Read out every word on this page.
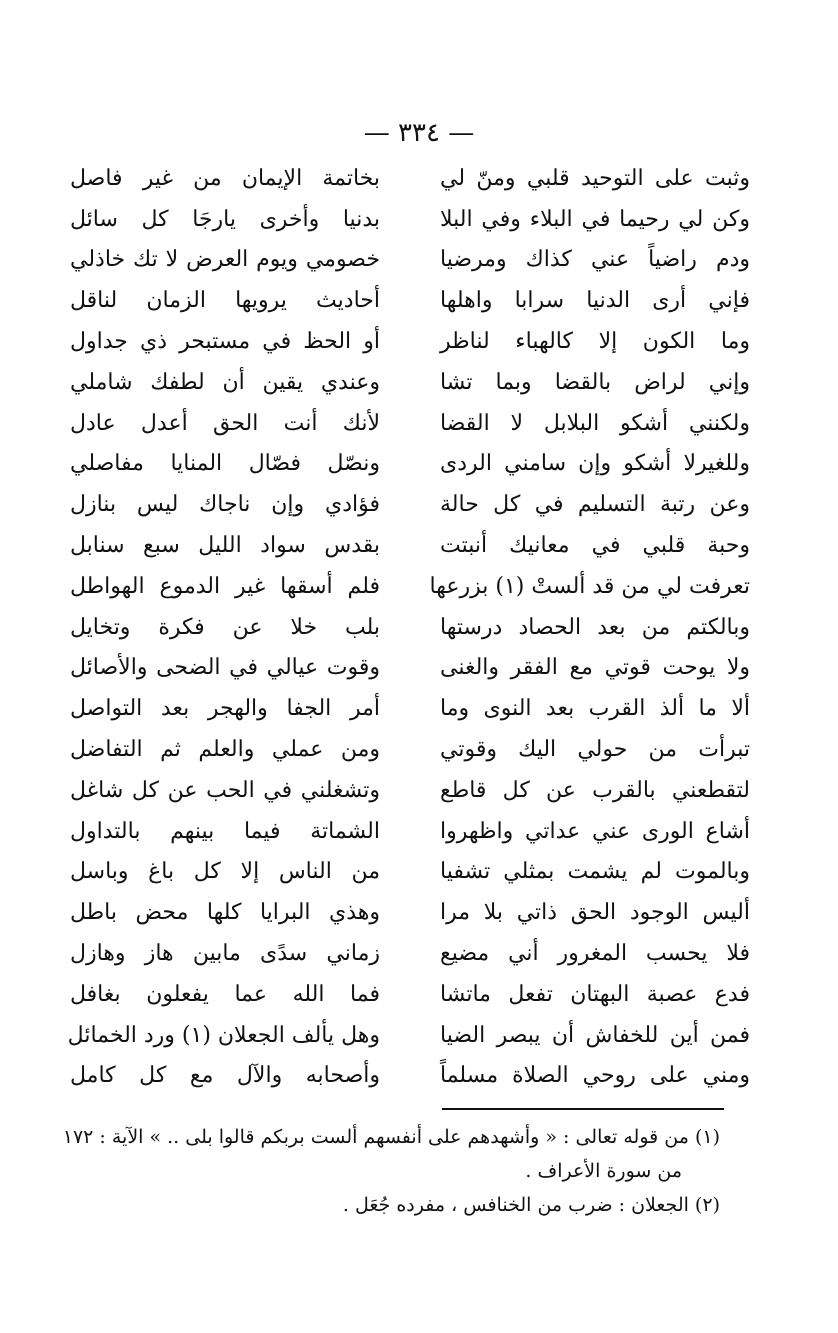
— ٣٣٤ —
وثبت على التوحيد قلبي ومنّ لي
بخاتمة الإيمان من غير فاصل
وكن لي رحيما في البلاء وفي البلا
بدنيا وأخرى يارجَا كل سائل
ودم راضياً عني كذاك ومرضيا
خصومي ويوم العرض لا تك خاذلي
فإني أرى الدنيا سرابا واهلها
أحاديث يرويها الزمان لناقل
وما الكون إلا كالهباء لناظر
أو الحظ في مستبحر ذي جداول
وإني لراض بالقضا وبما تشا
وعندي يقين أن لطفك شاملي
ولكنني أشكو البلابل لا القضا
لأنك أنت الحق أعدل عادل
وللغيرلا أشكو وإن سامني الردى
ونصّل فصّال المنايا مفاصلي
وعن رتبة التسليم في كل حالة
فؤادي وإن ناجاك ليس بنازل
وحبة قلبي في معانيك أنبتت
بقدس سواد الليل سبع سنابل
تعرفت لي من قد ألستْ (١) بزرعها
فلم أسقها غير الدموع الهواطل
وبالكتم من بعد الحصاد درستها
بلب خلا عن فكرة وتخايل
ولا يوحت قوتي مع الفقر والغنى
وقوت عيالي في الضحى والأصائل
ألا ما ألذ القرب بعد النوى وما
أمر الجفا والهجر بعد التواصل
تبرأت من حولي اليك وقوتي
ومن عملي والعلم ثم التفاضل
لتقطعني بالقرب عن كل قاطع
وتشغلني في الحب عن كل شاغل
أشاع الورى عني عداتي واظهروا
الشماتة فيما بينهم بالتداول
وبالموت لم يشمت بمثلي تشفيا
من الناس إلا كل باغ وباسل
أليس الوجود الحق ذاتي بلا مرا
وهذي البرايا كلها محض باطل
فلا يحسب المغرور أني مضيع
زماني سدًى مابين هاز وهازل
فدع عصبة البهتان تفعل ماتشا
فما الله عما يفعلون بغافل
فمن أين للخفاش أن يبصر الضيا
وهل يألف الجعلان (١) ورد الخمائل
ومني على روحي الصلاة مسلماً
وأصحابه والآل مع كل كامل
(١) من قوله تعالى : « وأشهدهم على أنفسهم ألست بربكم قالوا بلى .. » الآية : ١٧٢
من سورة الأعراف .
(٢) الجعلان : ضرب من الخنافس ، مفرده جُعَل .
